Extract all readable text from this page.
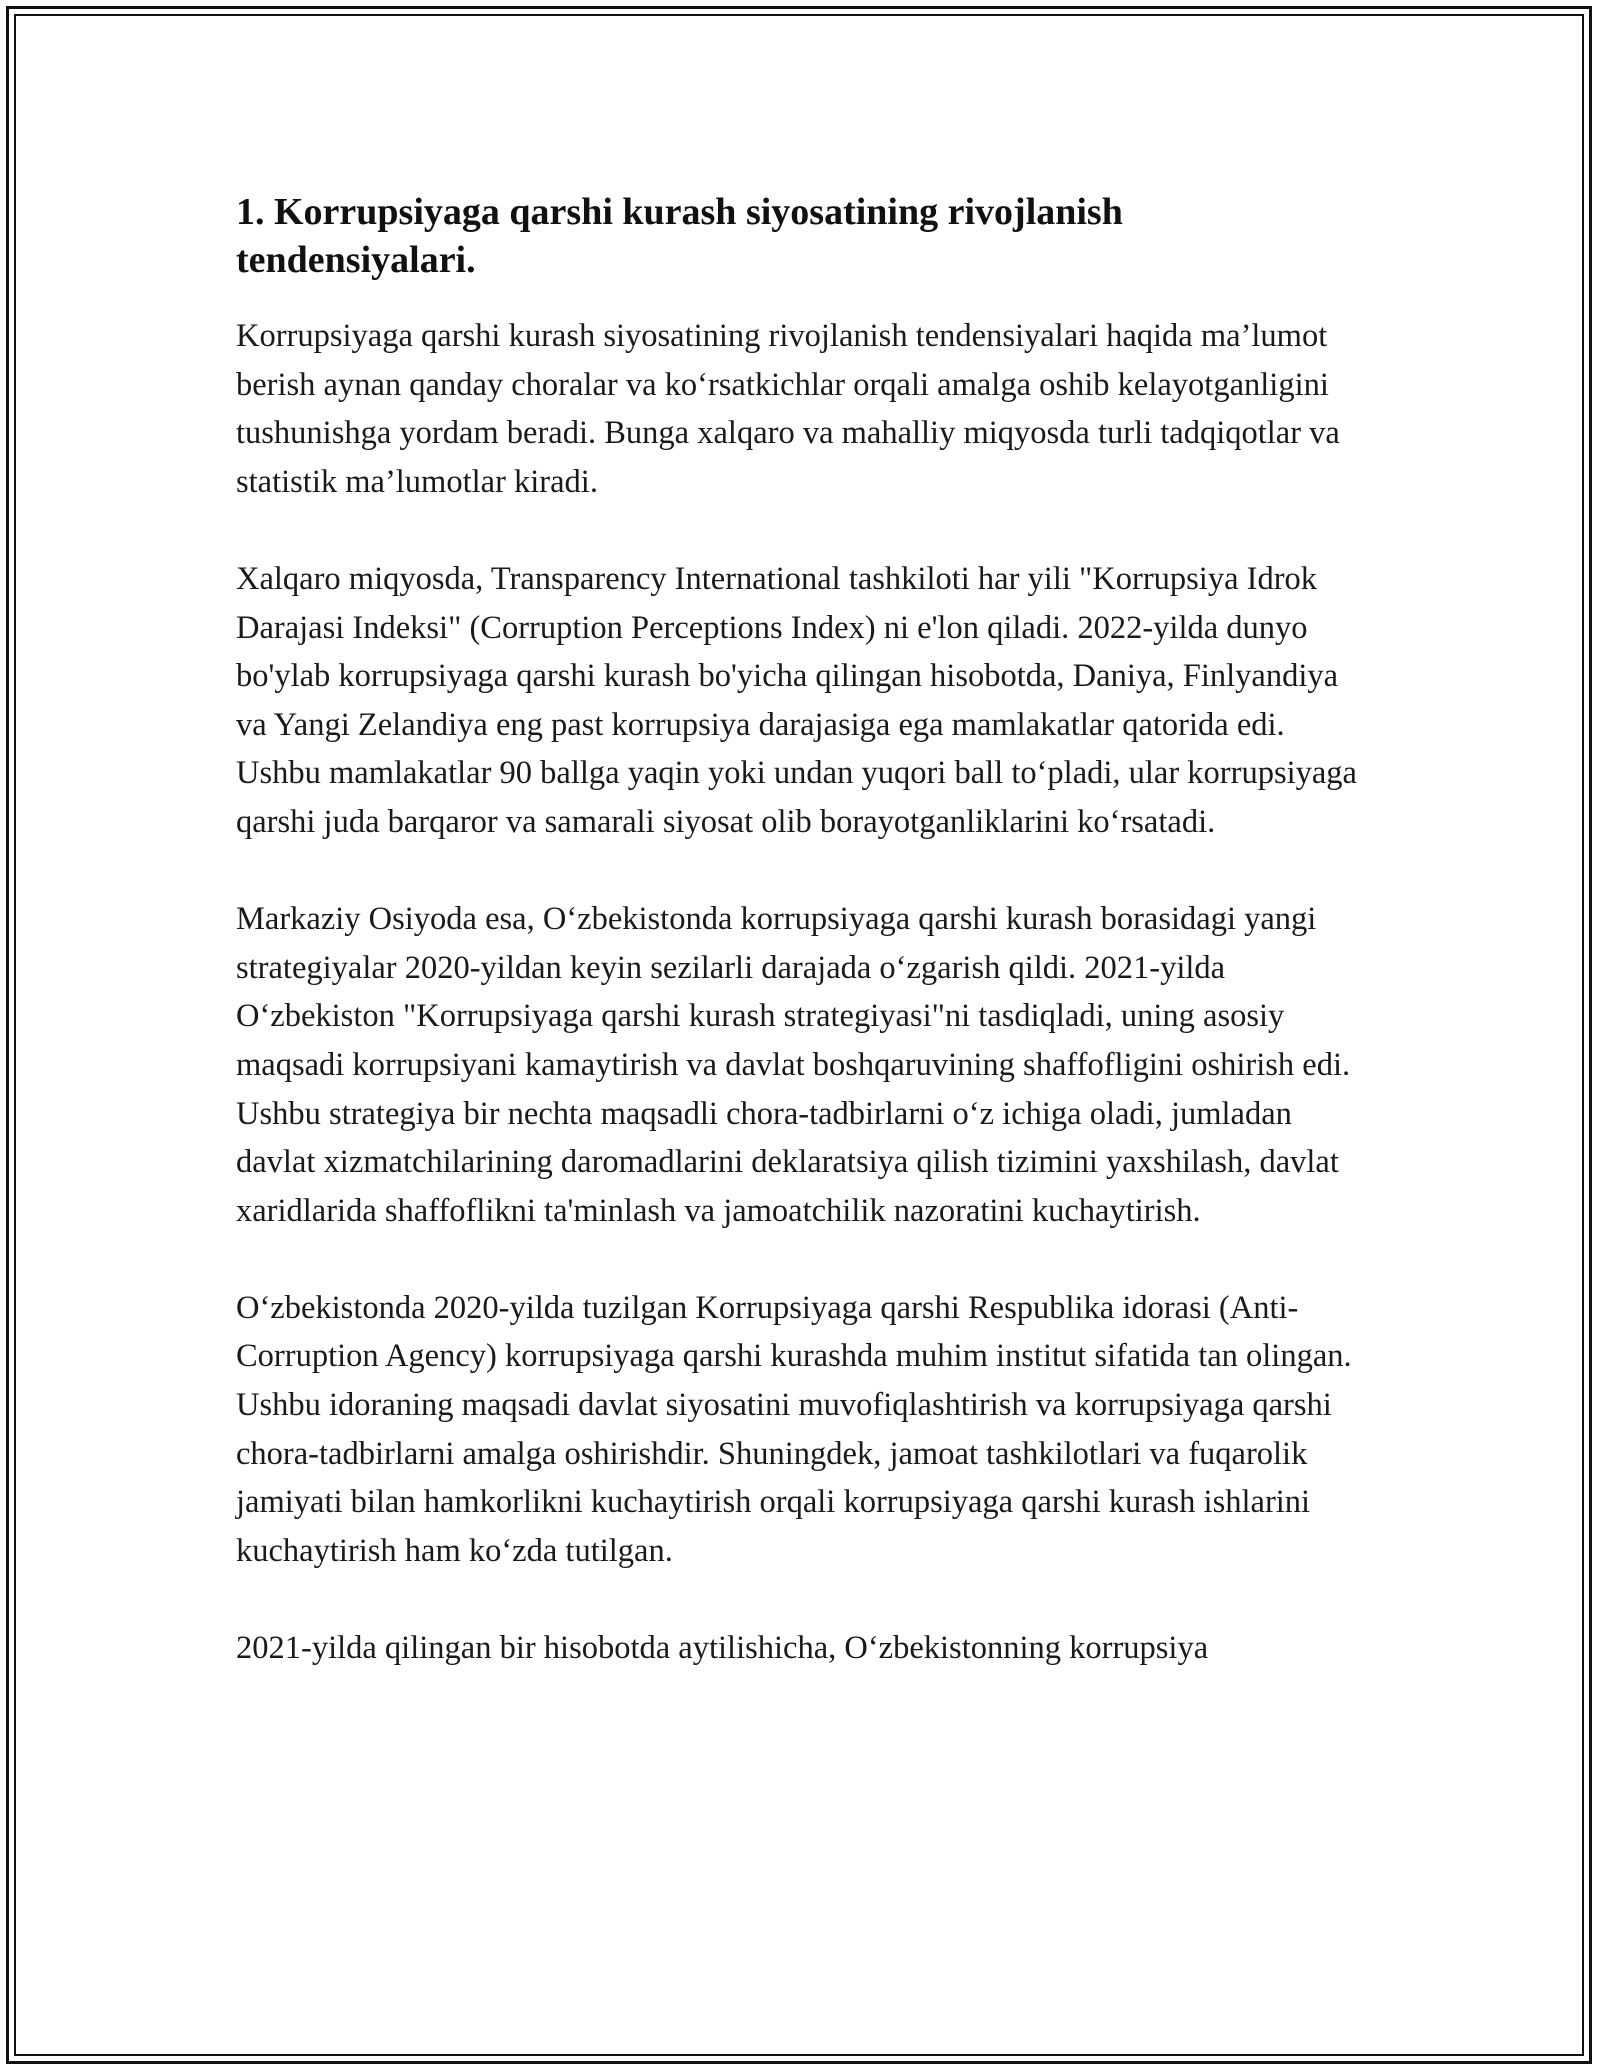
1. Korrupsiyaga qarshi kurash siyosatining rivojlanish tendensiyalari.

Korrupsiyaga qarshi kurash siyosatining rivojlanish tendensiyalari haqida ma’lumot berish aynan qanday choralar va ko‘rsatkichlar orqali amalga oshib kelayotganligini tushunishga yordam beradi. Bunga xalqaro va mahalliy miqyosda turli tadqiqotlar va statistik ma’lumotlar kiradi.

Xalqaro miqyosda, Transparency International tashkiloti har yili "Korrupsiya Idrok Darajasi Indeksi" (Corruption Perceptions Index) ni e'lon qiladi. 2022-yilda dunyo bo'ylab korrupsiyaga qarshi kurash bo'yicha qilingan hisobotda, Daniya, Finlyandiya va Yangi Zelandiya eng past korrupsiya darajasiga ega mamlakatlar qatorida edi. Ushbu mamlakatlar 90 ballga yaqin yoki undan yuqori ball to‘pladi, ular korrupsiyaga qarshi juda barqaror va samarali siyosat olib borayotganliklarini ko‘rsatadi.

Markaziy Osiyoda esa, O‘zbekistonda korrupsiyaga qarshi kurash borasidagi yangi strategiyalar 2020-yildan keyin sezilarli darajada o‘zgarish qildi. 2021-yilda O‘zbekiston "Korrupsiyaga qarshi kurash strategiyasi"ni tasdiqladi, uning asosiy maqsadi korrupsiyani kamaytirish va davlat boshqaruvining shaffofligini oshirish edi. Ushbu strategiya bir nechta maqsadli chora-tadbirlarni o‘z ichiga oladi, jumladan davlat xizmatchilarining daromadlarini deklaratsiya qilish tizimini yaxshilash, davlat xaridlarida shaffoflikni ta'minlash va jamoatchilik nazoratini kuchaytirish.

O‘zbekistonda 2020-yilda tuzilgan Korrupsiyaga qarshi Respublika idorasi (Anti-Corruption Agency) korrupsiyaga qarshi kurashda muhim institut sifatida tan olingan. Ushbu idoraning maqsadi davlat siyosatini muvofiqlashtirish va korrupsiyaga qarshi chora-tadbirlarni amalga oshirishdir. Shuningdek, jamoat tashkilotlari va fuqarolik jamiyati bilan hamkorlikni kuchaytirish orqali korrupsiyaga qarshi kurash ishlarini kuchaytirish ham ko‘zda tutilgan.

2021-yilda qilingan bir hisobotda aytilishicha, O‘zbekistonning korrupsiya
